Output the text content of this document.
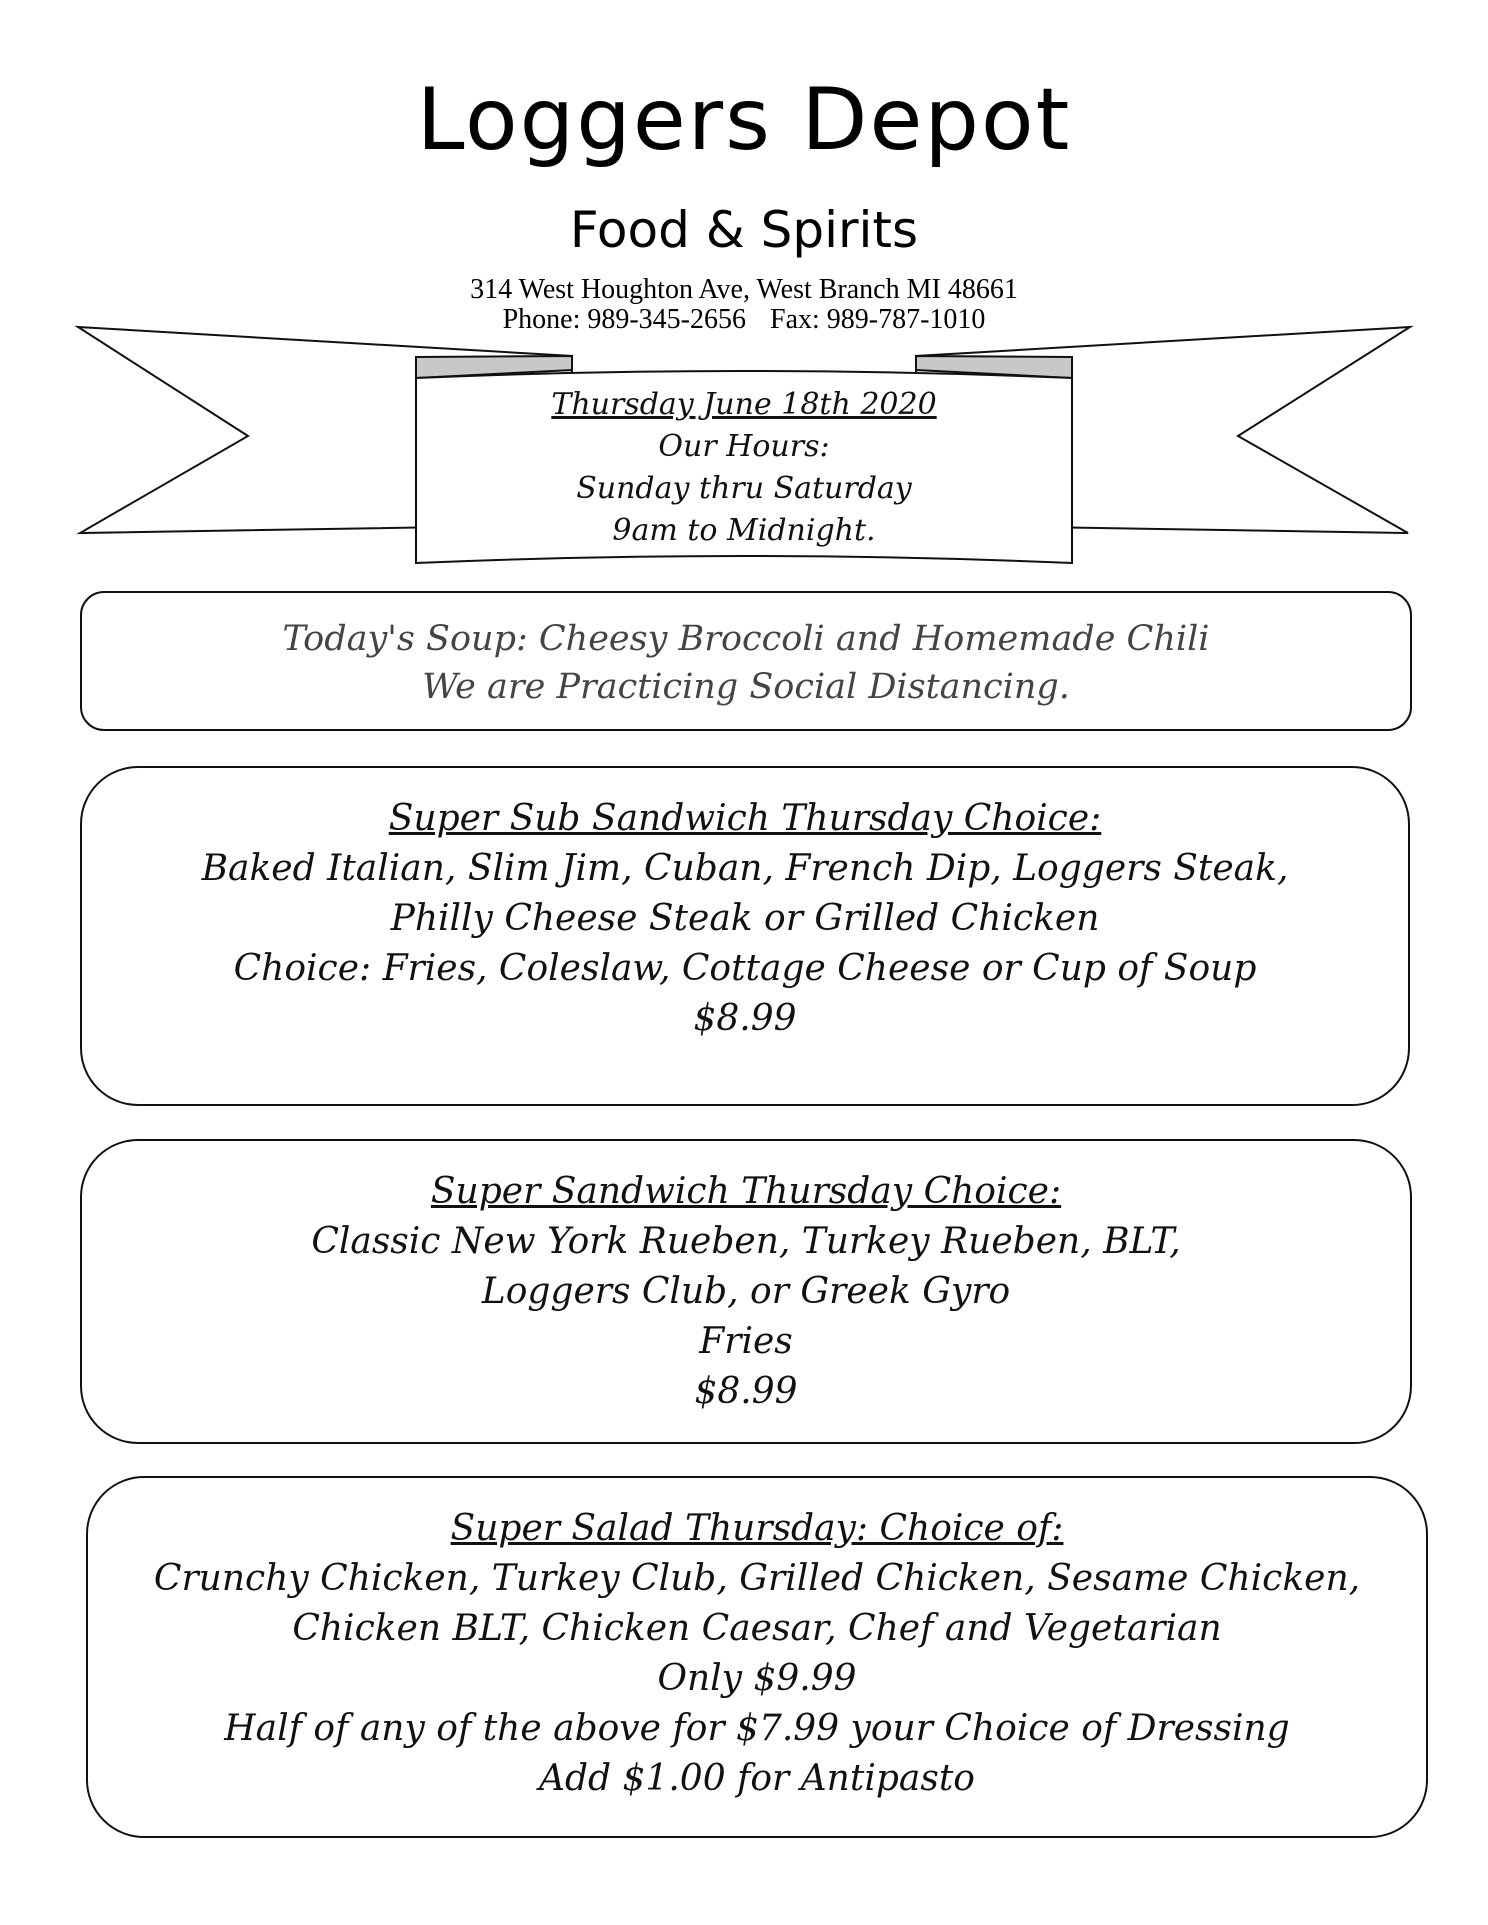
Loggers Depot
Food & Spirits
314 West Houghton Ave, West Branch MI 48661
Phone: 989-345-2656 Fax: 989-787-1010
Thursday June 18th 2020
Our Hours:
Sunday thru Saturday
9am to Midnight.
Today's Soup: Cheesy Broccoli and Homemade Chili
We are Practicing Social Distancing.
Super Sub Sandwich Thursday Choice:
Baked Italian, Slim Jim, Cuban, French Dip, Loggers Steak,
Philly Cheese Steak or Grilled Chicken
Choice: Fries, Coleslaw, Cottage Cheese or Cup of Soup
$8.99
Super Sandwich Thursday Choice:
Classic New York Rueben, Turkey Rueben, BLT,
Loggers Club, or Greek Gyro
Fries
$8.99
Super Salad Thursday: Choice of:
Crunchy Chicken, Turkey Club, Grilled Chicken, Sesame Chicken,
Chicken BLT, Chicken Caesar, Chef and Vegetarian
Only $9.99
Half of any of the above for $7.99 your Choice of Dressing
Add $1.00 for Antipasto
